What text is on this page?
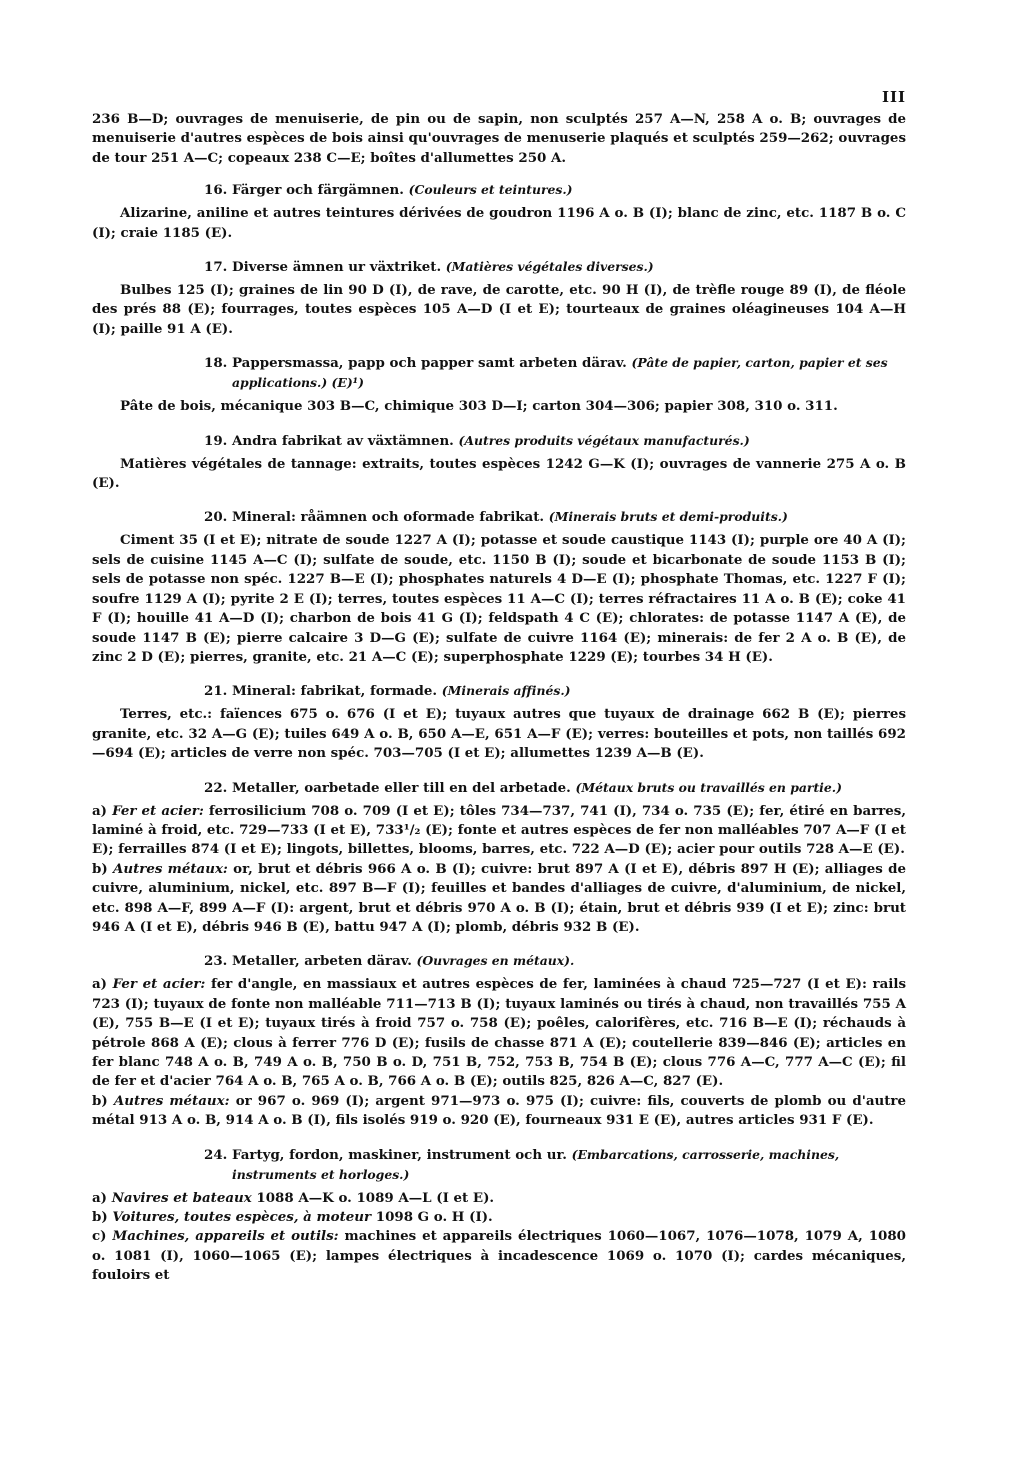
III

236 B—D; ouvrages de menuiserie, de pin ou de sapin, non sculptés 257 A—N, 258 A o. B; ouvrages de menuiserie d'autres espèces de bois ainsi qu'ouvrages de menuserie plaqués et sculptés 259—262; ouvrages de tour 251 A—C; copeaux 238 C—E; boîtes d'allumettes 250 A.

16. Färger och färgämnen. (Couleurs et teintures.)

Alizarine, aniline et autres teintures dérivées de goudron 1196 A o. B (I); blanc de zinc, etc. 1187 B o. C (I); craie 1185 (E).

17. Diverse ämnen ur växtriket. (Matières végétales diverses.)

Bulbes 125 (I); graines de lin 90 D (I), de rave, de carotte, etc. 90 H (I), de trèfle rouge 89 (I), de fléole des prés 88 (E); fourrages, toutes espèces 105 A—D (I et E); tourteaux de graines oléagineuses 104 A—H (I); paille 91 A (E).

18. Pappersmassa, papp och papper samt arbeten därav. (Pâte de papier, carton, papier et ses applications.) (E)¹)

Pâte de bois, mécanique 303 B—C, chimique 303 D—I; carton 304—306; papier 308, 310 o. 311.

19. Andra fabrikat av växtämnen. (Autres produits végétaux manufacturés.)

Matières végétales de tannage: extraits, toutes espèces 1242 G—K (I); ouvrages de vannerie 275 A o. B (E).

20. Mineral: råämnen och oformade fabrikat. (Minerais bruts et demi-produits.)

Ciment 35 (I et E); nitrate de soude 1227 A (I); potasse et soude caustique 1143 (I); purple ore 40 A (I); sels de cuisine 1145 A—C (I); sulfate de soude, etc. 1150 B (I); soude et bicarbonate de soude 1153 B (I); sels de potasse non spéc. 1227 B—E (I); phosphates naturels 4 D—E (I); phosphate Thomas, etc. 1227 F (I); soufre 1129 A (I); pyrite 2 E (I); terres, toutes espèces 11 A—C (I); terres réfractaires 11 A o. B (E); coke 41 F (I); houille 41 A—D (I); charbon de bois 41 G (I); feldspath 4 C (E); chlorates: de potasse 1147 A (E), de soude 1147 B (E); pierre calcaire 3 D—G (E); sulfate de cuivre 1164 (E); minerais: de fer 2 A o. B (E), de zinc 2 D (E); pierres, granite, etc. 21 A—C (E); superphosphate 1229 (E); tourbes 34 H (E).

21. Mineral: fabrikat, formade. (Minerais affinés.)

Terres, etc.: faïences 675 o. 676 (I et E); tuyaux autres que tuyaux de drainage 662 B (E); pierres granite, etc. 32 A—G (E); tuiles 649 A o. B, 650 A—E, 651 A—F (E); verres: bouteilles et pots, non taillés 692—694 (E); articles de verre non spéc. 703—705 (I et E); allumettes 1239 A—B (E).

22. Metaller, oarbetade eller till en del arbetade. (Métaux bruts ou travaillés en partie.)

a) Fer et acier: ferrosilicium 708 o. 709 (I et E); tôles 734—737, 741 (I), 734 o. 735 (E); fer, étiré en barres, laminé à froid, etc. 729—733 (I et E), 733¹/₂ (E); fonte et autres espèces de fer non malléables 707 A—F (I et E); ferrailles 874 (I et E); lingots, billettes, blooms, barres, etc. 722 A—D (E); acier pour outils 728 A—E (E).

b) Autres métaux: or, brut et débris 966 A o. B (I); cuivre: brut 897 A (I et E), débris 897 H (E); alliages de cuivre, aluminium, nickel, etc. 897 B—F (I); feuilles et bandes d'alliages de cuivre, d'aluminium, de nickel, etc. 898 A—F, 899 A—F (I): argent, brut et débris 970 A o. B (I); étain, brut et débris 939 (I et E); zinc: brut 946 A (I et E), débris 946 B (E), battu 947 A (I); plomb, débris 932 B (E).

23. Metaller, arbeten därav. (Ouvrages en métaux).

a) Fer et acier: fer d'angle, en massiaux et autres espèces de fer, laminées à chaud 725—727 (I et E): rails 723 (I); tuyaux de fonte non malléable 711—713 B (I); tuyaux laminés ou tirés à chaud, non travaillés 755 A (E), 755 B—E (I et E); tuyaux tirés à froid 757 o. 758 (E); poêles, calorifères, etc. 716 B—E (I); réchauds à pétrole 868 A (E); clous à ferrer 776 D (E); fusils de chasse 871 A (E); coutellerie 839—846 (E); articles en fer blanc 748 A o. B, 749 A o. B, 750 B o. D, 751 B, 752, 753 B, 754 B (E); clous 776 A—C, 777 A—C (E); fil de fer et d'acier 764 A o. B, 765 A o. B, 766 A o. B (E); outils 825, 826 A—C, 827 (E).

b) Autres métaux: or 967 o. 969 (I); argent 971—973 o. 975 (I); cuivre: fils, couverts de plomb ou d'autre métal 913 A o. B, 914 A o. B (I), fils isolés 919 o. 920 (E), fourneaux 931 E (E), autres articles 931 F (E).

24. Fartyg, fordon, maskiner, instrument och ur. (Embarcations, carrosserie, machines, instruments et horloges.)

a) Navires et bateaux 1088 A—K o. 1089 A—L (I et E).

b) Voitures, toutes espèces, à moteur 1098 G o. H (I).

c) Machines, appareils et outils: machines et appareils électriques 1060—1067, 1076—1078, 1079 A, 1080 o. 1081 (I), 1060—1065 (E); lampes électriques à incadescence 1069 o. 1070 (I); cardes mécaniques, fouloirs et
